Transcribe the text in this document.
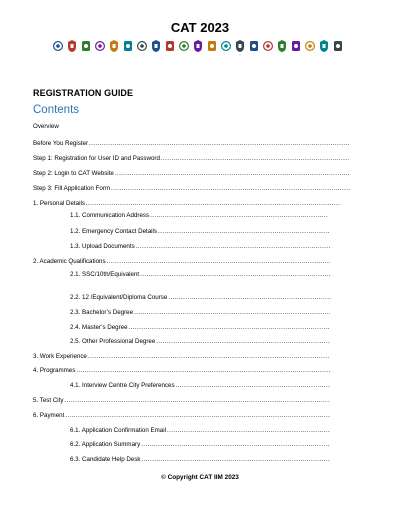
CAT 2023
REGISTRATION GUIDE
Contents
Overview
Before You Register
.....
Step 1: Registration for User ID and Password
.....
Step 2: Login to CAT Website
.....
Step 3: Fill Application Form
.....
1. Personal Details
.....
1.1. Communication Address
.....
1.2. Emergency Contact Details
.....
1.3. Upload Documents
.....
2. Academic Qualifications
.....
2.1. SSC/10th/Equivalent
.....
2.2. 12 /Equivalent/Diploma Course
.....
2.3. Bachelor’s Degree
.....
2.4. Master’s Degree
.....
2.5. Other Professional Degree
.....
3. Work Experience
.....
4. Programmes
.....
4.1. Interview Centre City Preferences
.....
5. Test City
.....
6. Payment
.....
6.1. Application Confirmation Email
.....
6.2. Application Summary
.....
6.3. Candidate Help Desk
.....
© Copyright CAT IIM 2023
